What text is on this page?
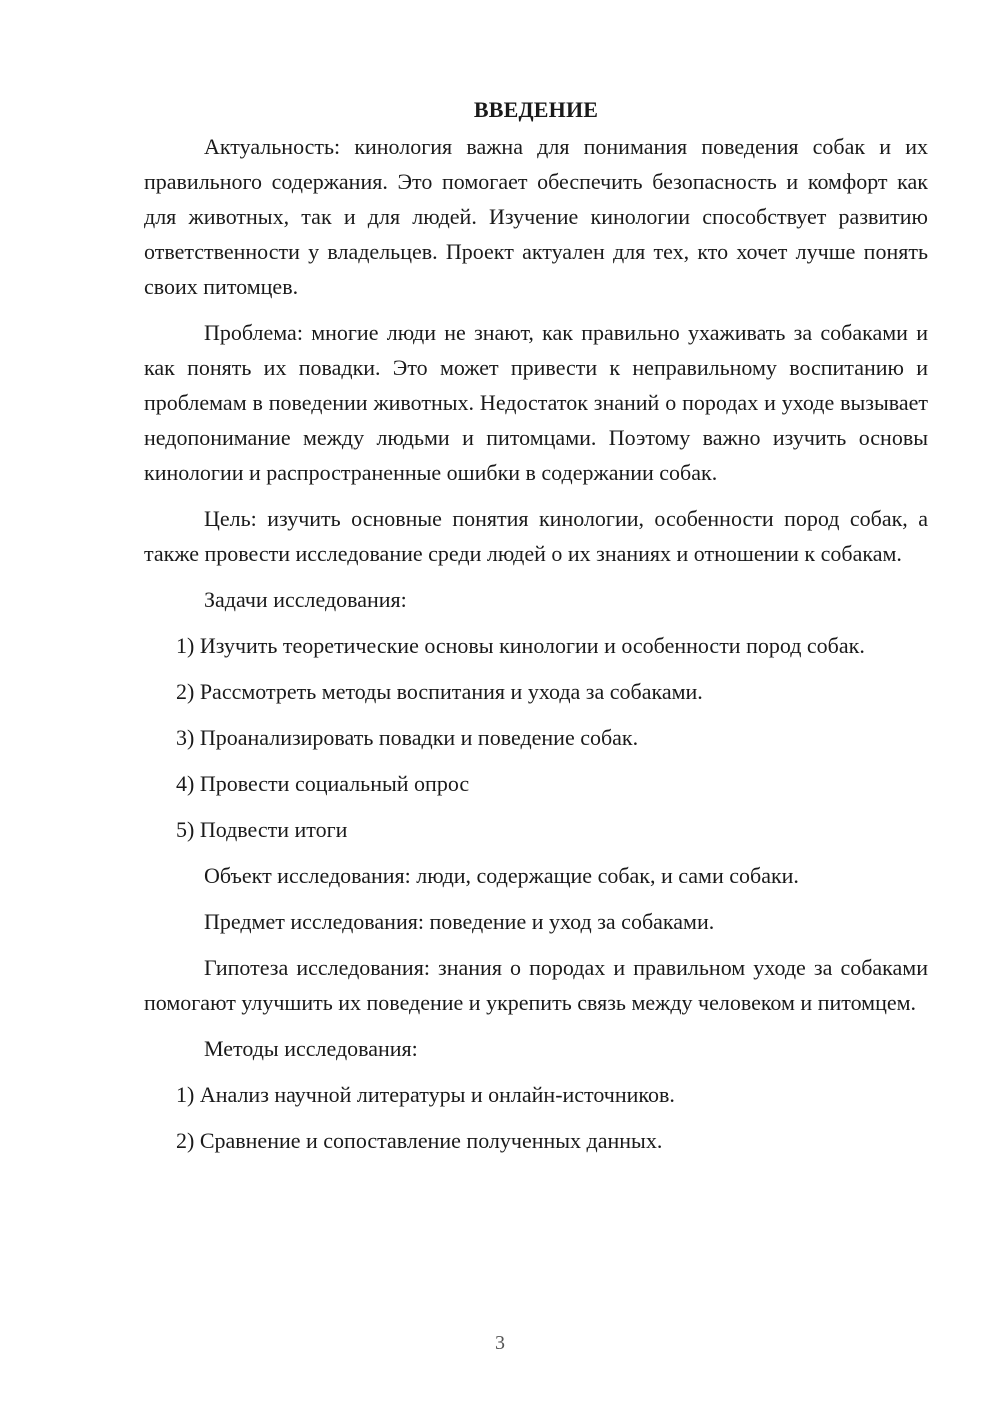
ВВЕДЕНИЕ

Актуальность: кинология важна для понимания поведения собак и их правильного содержания. Это помогает обеспечить безопасность и комфорт как для животных, так и для людей. Изучение кинологии способствует развитию ответственности у владельцев. Проект актуален для тех, кто хочет лучше понять своих питомцев.

Проблема: многие люди не знают, как правильно ухаживать за собаками и как понять их повадки. Это может привести к неправильному воспитанию и проблемам в поведении животных. Недостаток знаний о породах и уходе вызывает недопонимание между людьми и питомцами. Поэтому важно изучить основы кинологии и распространенные ошибки в содержании собак.

Цель: изучить основные понятия кинологии, особенности пород собак, а также провести исследование среди людей о их знаниях и отношении к собакам.

Задачи исследования:

1) Изучить теоретические основы кинологии и особенности пород собак.

2) Рассмотреть методы воспитания и ухода за собаками.

3) Проанализировать повадки и поведение собак.

4) Провести социальный опрос

5) Подвести итоги

Объект исследования: люди, содержащие собак, и сами собаки.

Предмет исследования: поведение и уход за собаками.

Гипотеза исследования: знания о породах и правильном уходе за собаками помогают улучшить их поведение и укрепить связь между человеком и питомцем.

Методы исследования:

1) Анализ научной литературы и онлайн-источников.

2) Сравнение и сопоставление полученных данных.

3
